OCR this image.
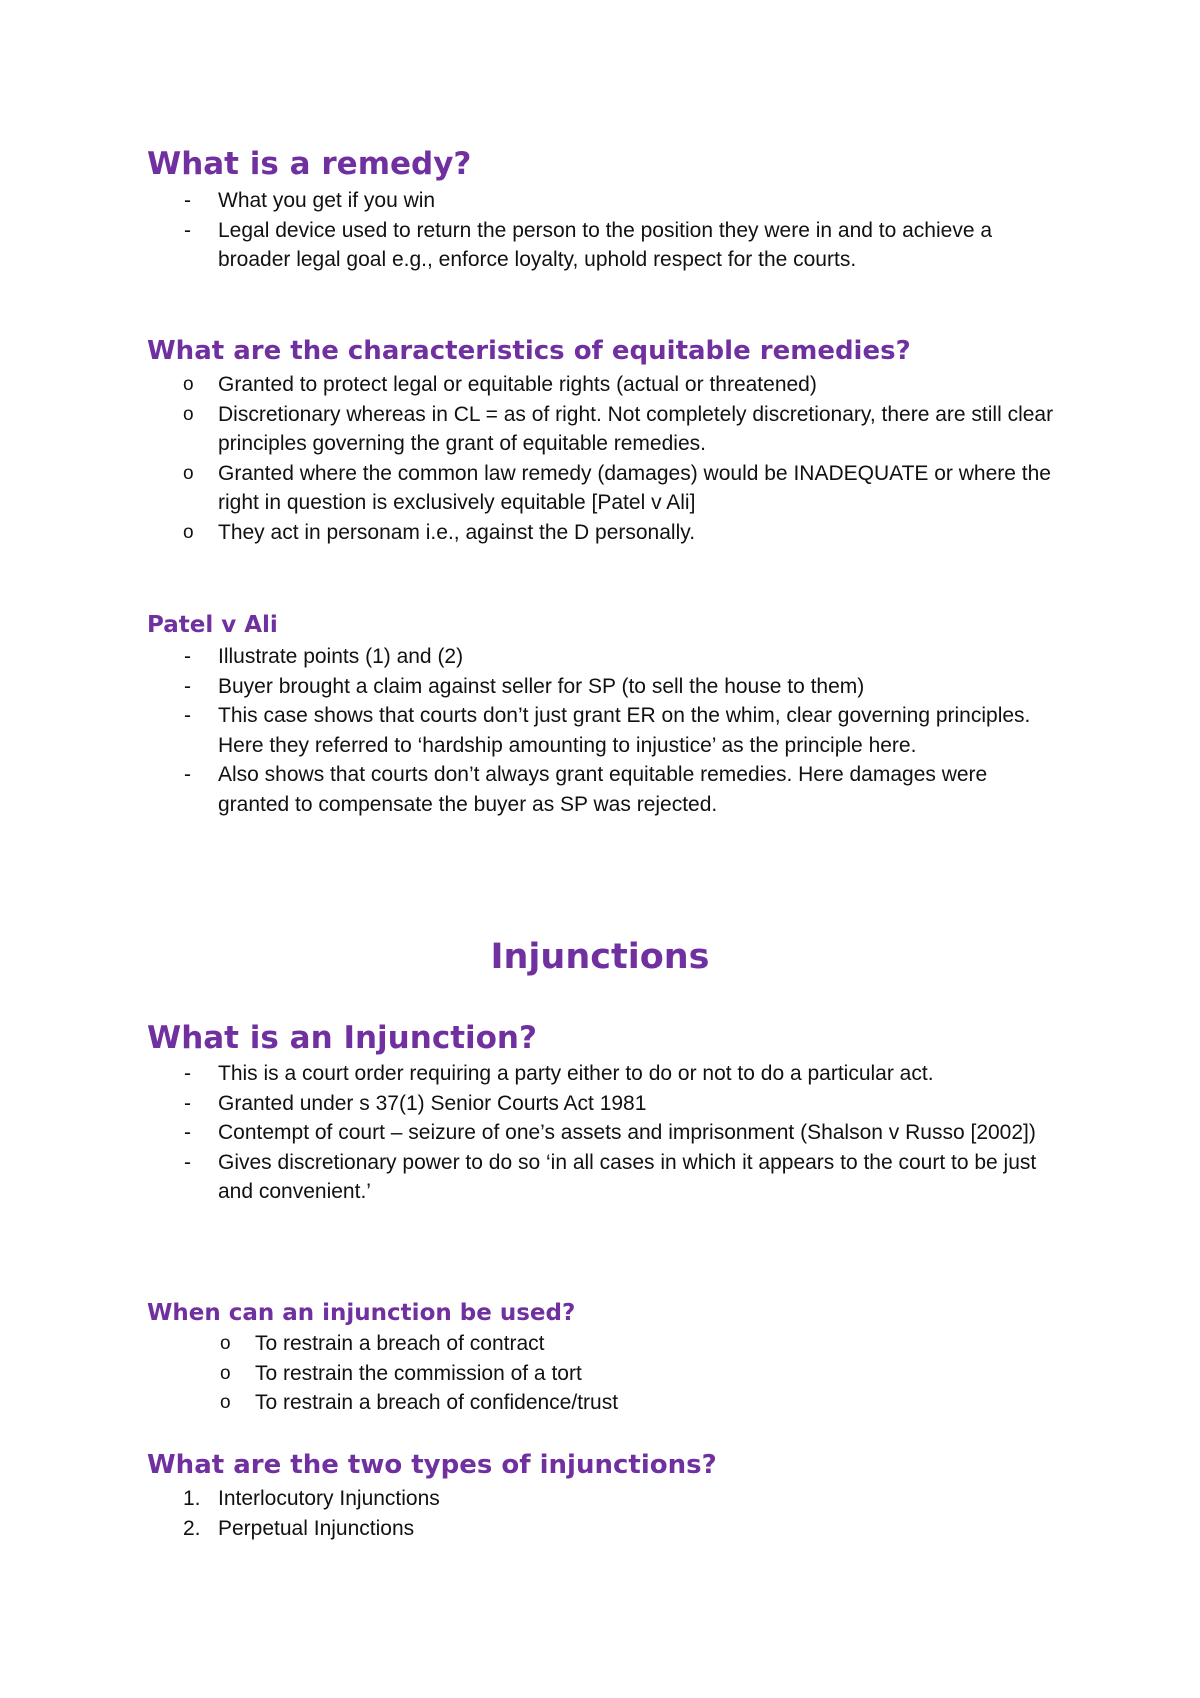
What is a remedy?
- What you get if you win
- Legal device used to return the person to the position they were in and to achieve a broader legal goal e.g., enforce loyalty, uphold respect for the courts.
What are the characteristics of equitable remedies?
o Granted to protect legal or equitable rights (actual or threatened)
o Discretionary whereas in CL = as of right. Not completely discretionary, there are still clear principles governing the grant of equitable remedies.
o Granted where the common law remedy (damages) would be INADEQUATE or where the right in question is exclusively equitable [Patel v Ali]
o They act in personam i.e., against the D personally.
Patel v Ali
- Illustrate points (1) and (2)
- Buyer brought a claim against seller for SP (to sell the house to them)
- This case shows that courts don’t just grant ER on the whim, clear governing principles. Here they referred to ‘hardship amounting to injustice’ as the principle here.
- Also shows that courts don’t always grant equitable remedies. Here damages were granted to compensate the buyer as SP was rejected.
Injunctions
What is an Injunction?
- This is a court order requiring a party either to do or not to do a particular act.
- Granted under s 37(1) Senior Courts Act 1981
- Contempt of court – seizure of one’s assets and imprisonment (Shalson v Russo [2002])
- Gives discretionary power to do so ‘in all cases in which it appears to the court to be just and convenient.’
When can an injunction be used?
o To restrain a breach of contract
o To restrain the commission of a tort
o To restrain a breach of confidence/trust
What are the two types of injunctions?
1. Interlocutory Injunctions
2. Perpetual Injunctions
